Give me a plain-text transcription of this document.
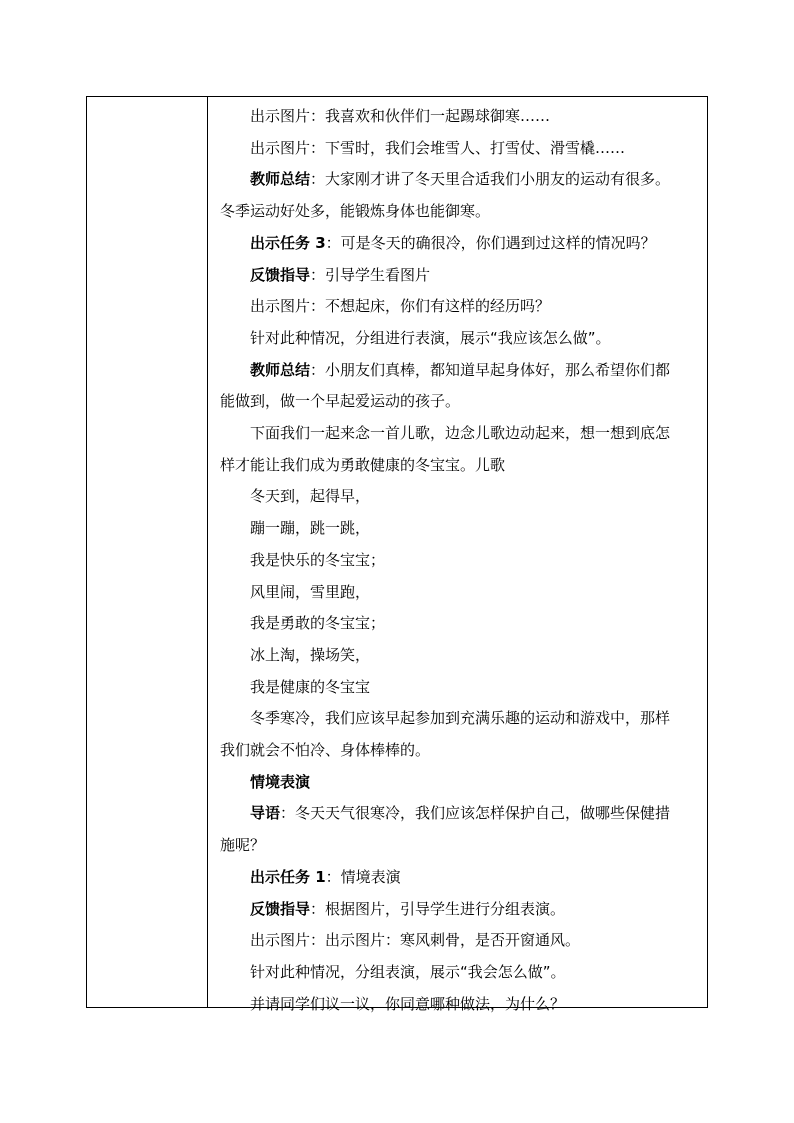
出示图片：我喜欢和伙伴们一起踢球御寒……
出示图片：下雪时，我们会堆雪人、打雪仗、滑雪橇……
教师总结：大家刚才讲了冬天里合适我们小朋友的运动有很多。
冬季运动好处多，能锻炼身体也能御寒。
出示任务 3：可是冬天的确很冷，你们遇到过这样的情况吗？
反馈指导：引导学生看图片
出示图片：不想起床，你们有这样的经历吗？
针对此种情况，分组进行表演，展示“我应该怎么做”。
教师总结：小朋友们真棒，都知道早起身体好，那么希望你们都
能做到，做一个早起爱运动的孩子。
下面我们一起来念一首儿歌，边念儿歌边动起来，想一想到底怎
样才能让我们成为勇敢健康的冬宝宝。儿歌
冬天到，起得早，
蹦一蹦，跳一跳，
我是快乐的冬宝宝；
风里闹，雪里跑，
我是勇敢的冬宝宝；
冰上淘，操场笑，
我是健康的冬宝宝
冬季寒冷，我们应该早起参加到充满乐趣的运动和游戏中，那样
我们就会不怕冷、身体棒棒的。
情境表演
导语：冬天天气很寒冷，我们应该怎样保护自己，做哪些保健措
施呢？
出示任务 1：情境表演
反馈指导：根据图片，引导学生进行分组表演。
出示图片：出示图片：寒风刺骨，是否开窗通风。
针对此种情况，分组表演，展示“我会怎么做”。
并请同学们议一议，你同意哪种做法，为什么？
